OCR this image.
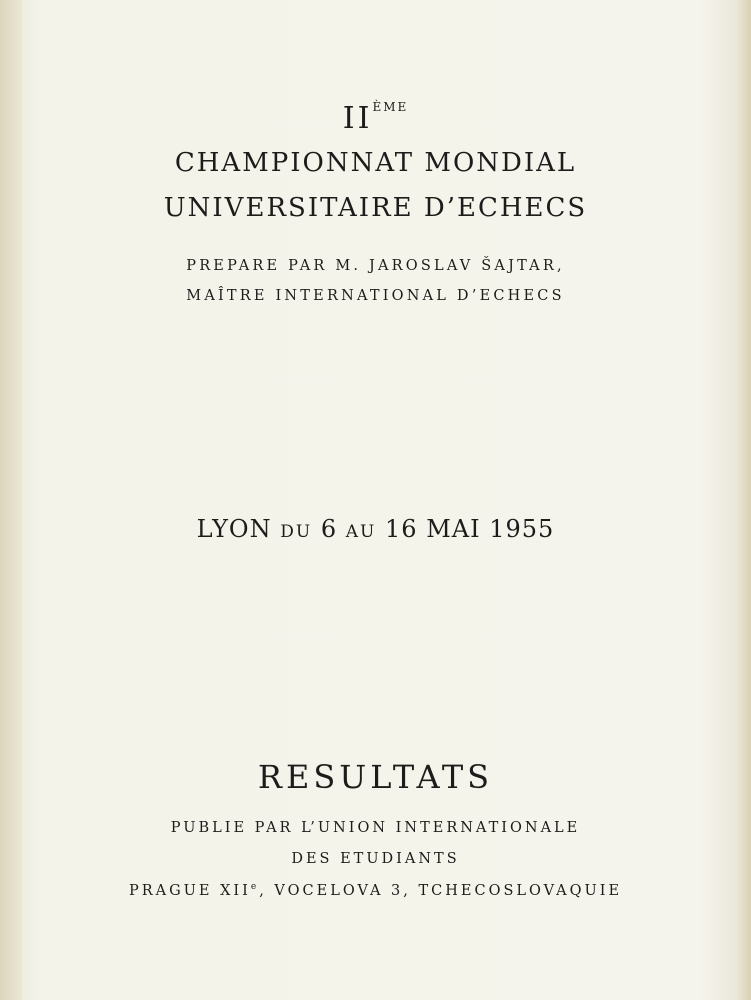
IIÈME
CHAMPIONNAT MONDIAL
UNIVERSITAIRE D’ECHECS
PREPARE PAR M. JAROSLAV ŠAJTAR,
MAÎTRE INTERNATIONAL D’ECHECS
LYON DU 6 AU 16 MAI 1955
RESULTATS
PUBLIE PAR L’UNION INTERNATIONALE
DES ETUDIANTS
PRAGUE XIIe, VOCELOVA 3, TCHECOSLOVAQUIE
